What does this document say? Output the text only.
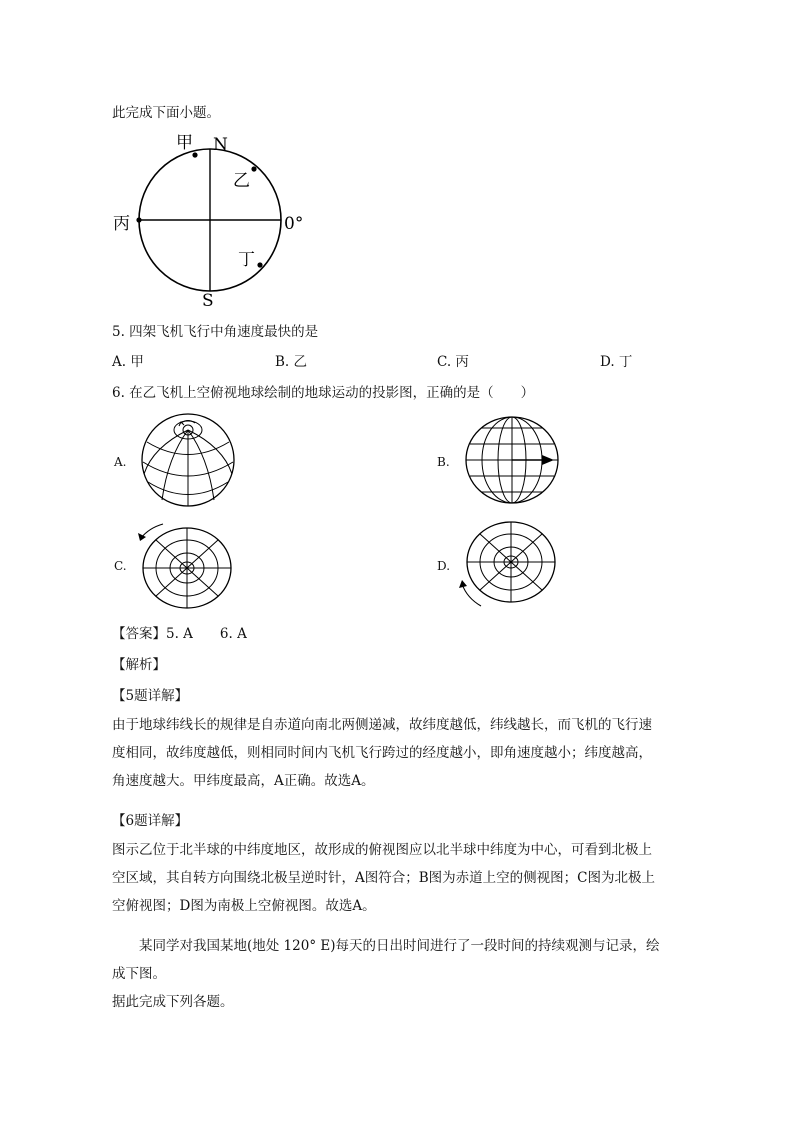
此完成下面小题。
甲 N
乙
丙	0°
丁
S
5. 四架飞机飞行中角速度最快的是
A. 甲	B. 乙	C. 丙	D. 丁
6. 在乙飞机上空俯视地球绘制的地球运动的投影图，正确的是（　　）
A.	B.
C.	D.
【答案】5. A　　6. A
【解析】
【5题详解】
由于地球纬线长的规律是自赤道向南北两侧递减，故纬度越低，纬线越长，而飞机的飞行速
度相同，故纬度越低，则相同时间内飞机飞行跨过的经度越小，即角速度越小；纬度越高，
角速度越大。甲纬度最高，A正确。故选A。
【6题详解】
图示乙位于北半球的中纬度地区，故形成的俯视图应以北半球中纬度为中心，可看到北极上
空区域，其自转方向围绕北极呈逆时针，A图符合；B图为赤道上空的侧视图；C图为北极上
空俯视图；D图为南极上空俯视图。故选A。
　　某同学对我国某地(地处 120° E)每天的日出时间进行了一段时间的持续观测与记录，绘
成下图。
据此完成下列各题。
